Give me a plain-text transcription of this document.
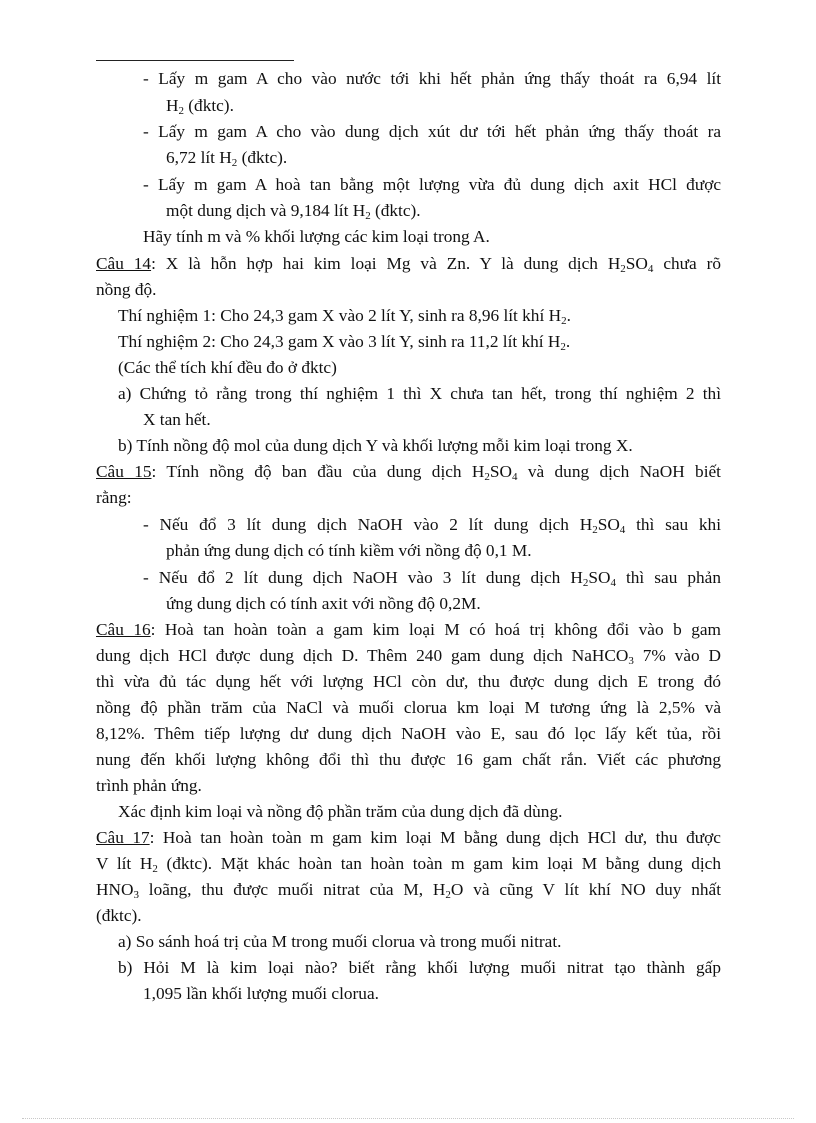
- Lấy m gam A cho vào nước tới khi hết phản ứng thấy thoát ra 6,94 lít
$H_2$ (đktc).
- Lấy m gam A cho vào dung dịch xút dư tới hết phản ứng thấy thoát ra
6,72 lít $H_2$ (đktc).
- Lấy m gam A hoà tan bằng một lượng vừa đủ dung dịch axit HCl được
một dung dịch và 9,184 lít $H_2$ (đktc).
Hãy tính m và % khối lượng các kim loại trong A.
Câu 14: X là hỗn hợp hai kim loại Mg và Zn. Y là dung dịch $H_2SO_4$ chưa rõ
nồng độ.
Thí nghiệm 1: Cho 24,3 gam X vào 2 lít Y, sinh ra 8,96 lít khí $H_2$.
Thí nghiệm 2: Cho 24,3 gam X vào 3 lít Y, sinh ra 11,2 lít khí $H_2$.
(Các thể tích khí đều đo ở đktc)
a) Chứng tỏ rằng trong thí nghiệm 1 thì X chưa tan hết, trong thí nghiệm 2 thì
X tan hết.
b) Tính nồng độ mol của dung dịch Y và khối lượng mỗi kim loại trong X.
Câu 15: Tính nồng độ ban đầu của dung dịch $H_2SO_4$ và dung dịch NaOH biết
rằng:
- Nếu đổ 3 lít dung dịch NaOH vào 2 lít dung dịch $H_2SO_4$ thì sau khi
phản ứng dung dịch có tính kiềm với nồng độ 0,1 M.
- Nếu đổ 2 lít dung dịch NaOH vào 3 lít dung dịch $H_2SO_4$ thì sau phản
ứng dung dịch có tính axit với nồng độ 0,2M.
Câu 16: Hoà tan hoàn toàn a gam kim loại M có hoá trị không đổi vào b gam
dung dịch HCl được dung dịch D. Thêm 240 gam dung dịch NaHCO$_3$ 7% vào D
thì vừa đủ tác dụng hết với lượng HCl còn dư, thu được dung dịch E trong đó
nồng độ phần trăm của NaCl và muối clorua km loại M tương ứng là 2,5% và
8,12%. Thêm tiếp lượng dư dung dịch NaOH vào E, sau đó lọc lấy kết tủa, rồi
nung đến khối lượng không đổi thì thu được 16 gam chất rắn. Viết các phương
trình phản ứng.
Xác định kim loại và nồng độ phần trăm của dung dịch đã dùng.
Câu 17: Hoà tan hoàn toàn m gam kim loại M bằng dung dịch HCl dư, thu được
V lít $H_2$ (đktc). Mặt khác hoàn tan hoàn toàn m gam kim loại M bằng dung dịch
$HNO_3$ loãng, thu được muối nitrat của M, $H_2O$ và cũng V lít khí NO duy nhất
(đktc).
a) So sánh hoá trị của M trong muối clorua và trong muối nitrat.
b) Hỏi M là kim loại nào? biết rằng khối lượng muối nitrat tạo thành gấp
1,095 lần khối lượng muối clorua.
